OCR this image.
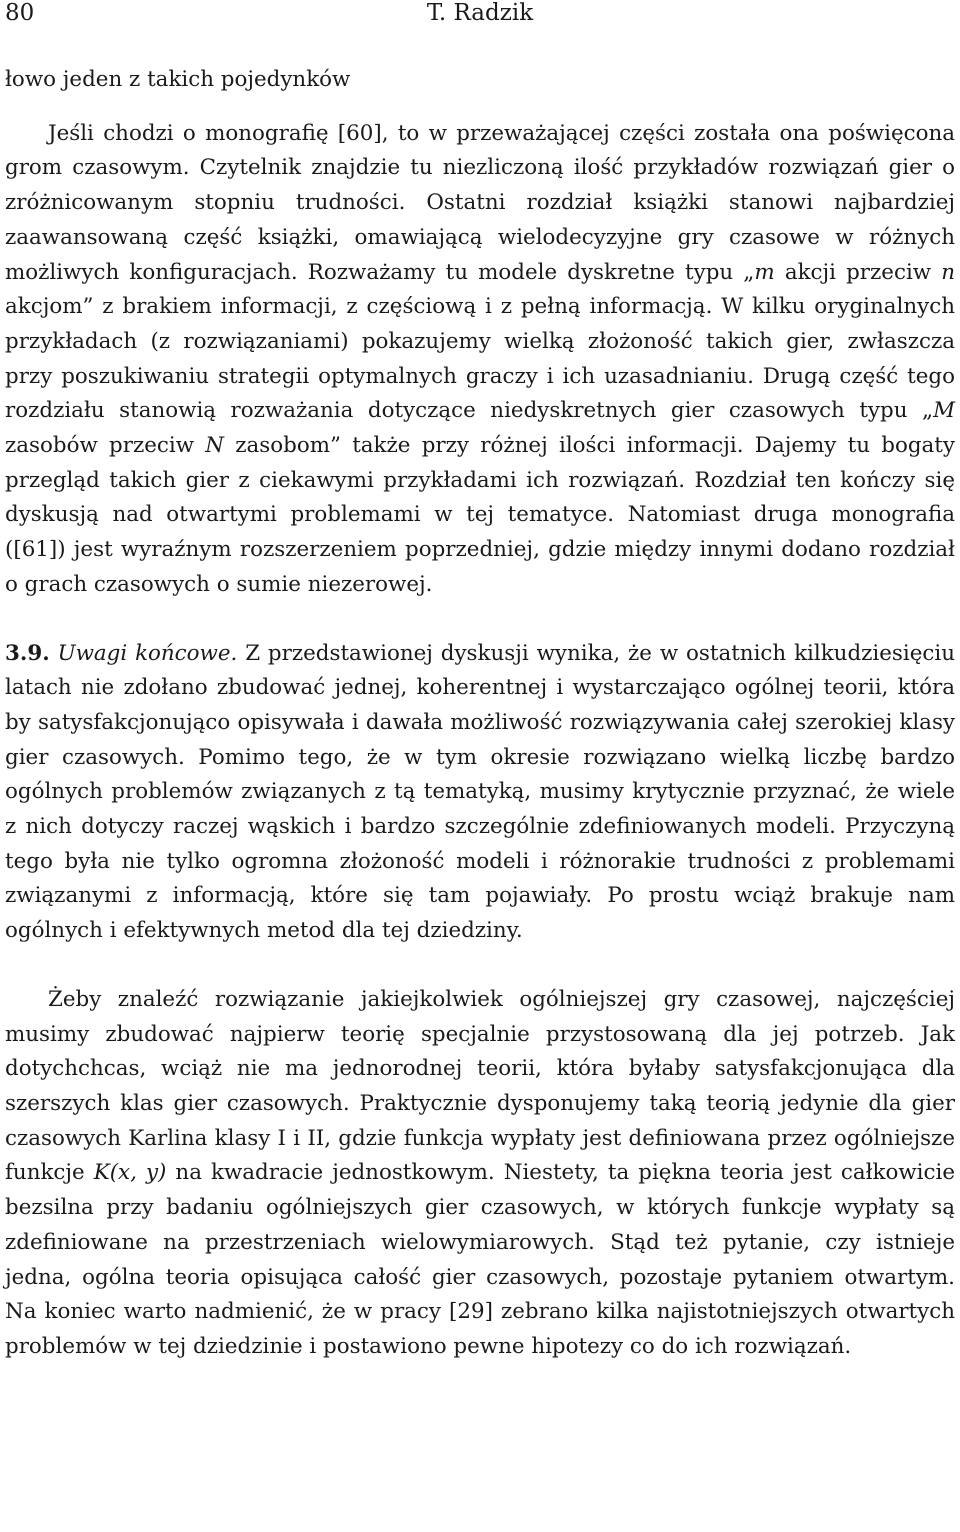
80	T. Radzik

łowo jeden z takich pojedynków

Jeśli chodzi o monografię [60], to w przeważającej części została ona poświęcona grom czasowym. Czytelnik znajdzie tu niezliczoną ilość przykładów rozwiązań gier o zróżnicowanym stopniu trudności. Ostatni rozdział książki stanowi najbardziej zaawansowaną część książki, omawiającą wielodecyzyjne gry czasowe w różnych możliwych konfiguracjach. Rozważamy tu modele dyskretne typu „m akcji przeciw n akcjom” z brakiem informacji, z częściową i z pełną informacją. W kilku oryginalnych przykładach (z rozwiązaniami) pokazujemy wielką złożoność takich gier, zwłaszcza przy poszukiwaniu strategii optymalnych graczy i ich uzasadnianiu. Drugą część tego rozdziału stanowią rozważania dotyczące niedyskretnych gier czasowych typu „M zasobów przeciw N zasobom” także przy różnej ilości informacji. Dajemy tu bogaty przegląd takich gier z ciekawymi przykładami ich rozwiązań. Rozdział ten kończy się dyskusją nad otwartymi problemami w tej tematyce. Natomiast druga monografia ([61]) jest wyraźnym rozszerzeniem poprzedniej, gdzie między innymi dodano rozdział o grach czasowych o sumie niezerowej.

3.9. Uwagi końcowe. Z przedstawionej dyskusji wynika, że w ostatnich kilkudziesięciu latach nie zdołano zbudować jednej, koherentnej i wystarczająco ogólnej teorii, która by satysfakcjonująco opisywała i dawała możliwość rozwiązywania całej szerokiej klasy gier czasowych. Pomimo tego, że w tym okresie rozwiązano wielką liczbę bardzo ogólnych problemów związanych z tą tematyką, musimy krytycznie przyznać, że wiele z nich dotyczy raczej wąskich i bardzo szczególnie zdefiniowanych modeli. Przyczyną tego była nie tylko ogromna złożoność modeli i różnorakie trudności z problemami związanymi z informacją, które się tam pojawiały. Po prostu wciąż brakuje nam ogólnych i efektywnych metod dla tej dziedziny.

Żeby znaleźć rozwiązanie jakiejkolwiek ogólniejszej gry czasowej, najczęściej musimy zbudować najpierw teorię specjalnie przystosowaną dla jej potrzeb. Jak dotychchcas, wciąż nie ma jednorodnej teorii, która byłaby satysfakcjonująca dla szerszych klas gier czasowych. Praktycznie dysponujemy taką teorią jedynie dla gier czasowych Karlina klasy I i II, gdzie funkcja wypłaty jest definiowana przez ogólniejsze funkcje K(x, y) na kwadracie jednostkowym. Niestety, ta piękna teoria jest całkowicie bezsilna przy badaniu ogólniejszych gier czasowych, w których funkcje wypłaty są zdefiniowane na przestrzeniach wielowymiarowych. Stąd też pytanie, czy istnieje jedna, ogólna teoria opisująca całość gier czasowych, pozostaje pytaniem otwartym. Na koniec warto nadmienić, że w pracy [29] zebrano kilka najistotniejszych otwartych problemów w tej dziedzinie i postawiono pewne hipotezy co do ich rozwiązań.
